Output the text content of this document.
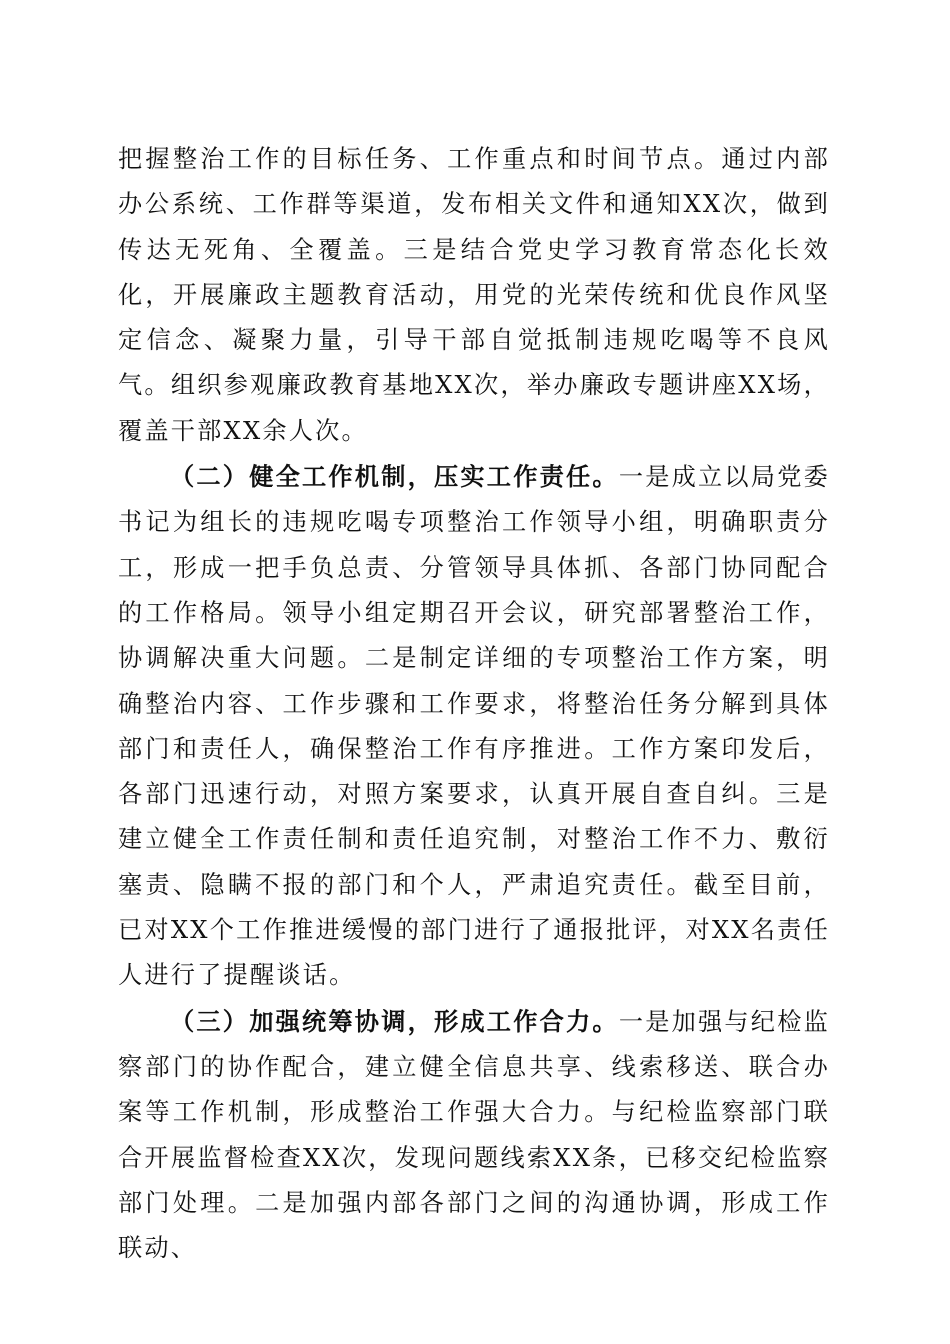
把握整治工作的目标任务、工作重点和时间节点。通过内部办公系统、工作群等渠道，发布相关文件和通知XX次，做到传达无死角、全覆盖。三是结合党史学习教育常态化长效化，开展廉政主题教育活动，用党的光荣传统和优良作风坚定信念、凝聚力量，引导干部自觉抵制违规吃喝等不良风气。组织参观廉政教育基地XX次，举办廉政专题讲座XX场，覆盖干部XX余人次。

（二）健全工作机制，压实工作责任。一是成立以局党委书记为组长的违规吃喝专项整治工作领导小组，明确职责分工，形成一把手负总责、分管领导具体抓、各部门协同配合的工作格局。领导小组定期召开会议，研究部署整治工作，协调解决重大问题。二是制定详细的专项整治工作方案，明确整治内容、工作步骤和工作要求，将整治任务分解到具体部门和责任人，确保整治工作有序推进。工作方案印发后，各部门迅速行动，对照方案要求，认真开展自查自纠。三是建立健全工作责任制和责任追究制，对整治工作不力、敷衍塞责、隐瞒不报的部门和个人，严肃追究责任。截至目前，已对XX个工作推进缓慢的部门进行了通报批评，对XX名责任人进行了提醒谈话。

（三）加强统筹协调，形成工作合力。一是加强与纪检监察部门的协作配合，建立健全信息共享、线索移送、联合办案等工作机制，形成整治工作强大合力。与纪检监察部门联合开展监督检查XX次，发现问题线索XX条，已移交纪检监察部门处理。二是加强内部各部门之间的沟通协调，形成工作联动、
